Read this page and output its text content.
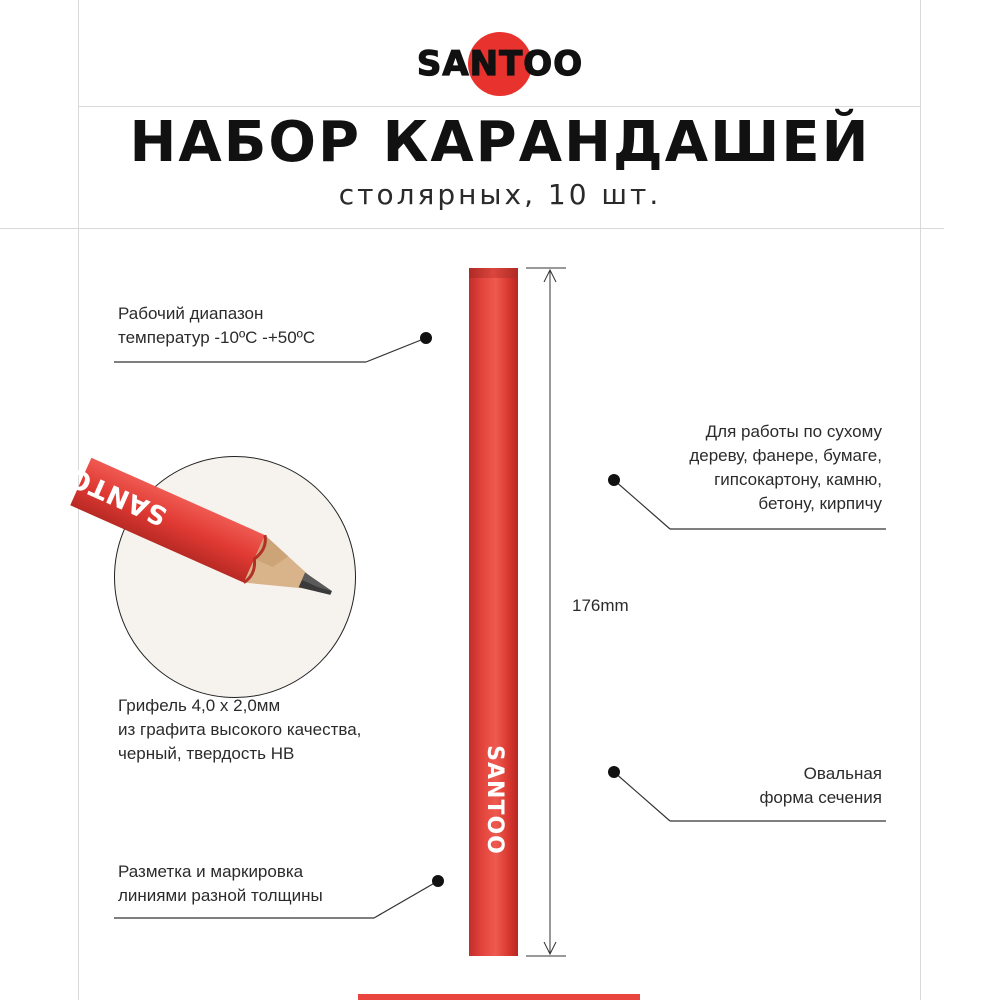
SANTOO
НАБОР КАРАНДАШЕЙ
столярных, 10 шт.
Рабочий диапазон
температур -10ºС -+50ºС
Для работы по сухому
дереву, фанере, бумаге,
гипсокартону, камню,
бетону, кирпичу
Грифель 4,0 х 2,0мм
из графита высокого качества,
черный, твердость НВ
Овальная
форма сечения
Разметка и маркировка
линиями разной толщины
176mm
SANTOO
SANTOO
